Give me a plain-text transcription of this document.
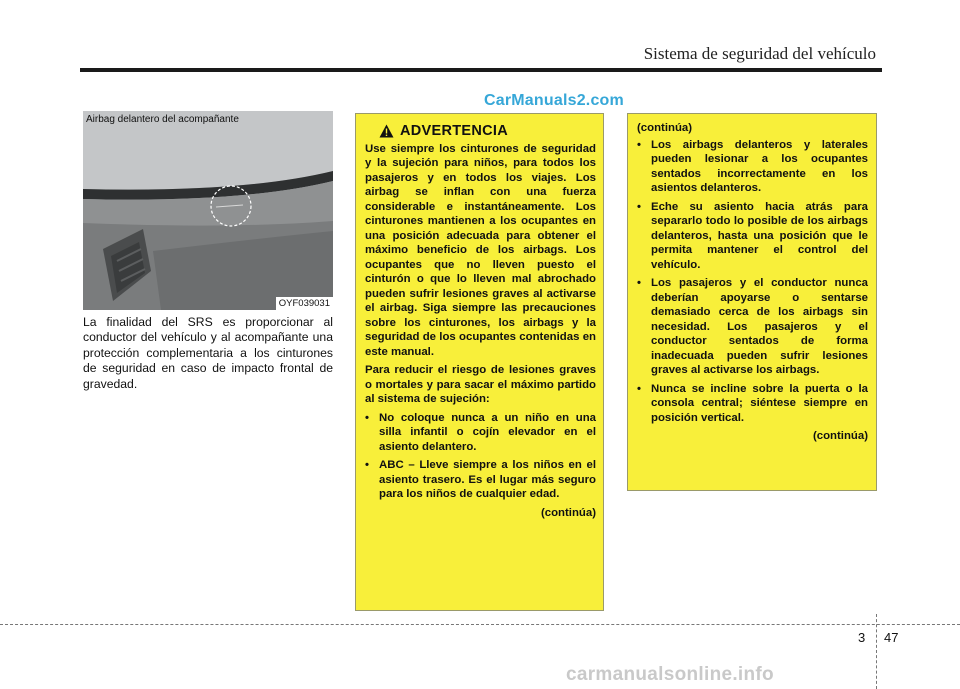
Sistema de seguridad del vehículo
CarManuals2.com
Airbag delantero del acompañante
OYF039031
La finalidad del SRS es proporcionar al conductor del vehículo y al acompañante una protección complementaria a los cinturones de seguridad en caso de impacto frontal de gravedad.
ADVERTENCIA
Use siempre los cinturones de seguridad y la sujeción para niños, para todos los pasajeros y en todos los viajes. Los airbag se inflan con una fuerza considerable e instantáneamente. Los cinturones mantienen a los ocupantes en una posición adecuada para obtener el máximo beneficio de los airbags. Los ocupantes que no lleven puesto el cinturón o que lo lleven mal abrochado pueden sufrir lesiones graves al activarse el airbag. Siga siempre las precauciones sobre los cinturones, los airbags y la seguridad de los ocupantes contenidas en este manual.
Para reducir el riesgo de lesiones graves o mortales y para sacar el máximo partido al sistema de sujeción:
• No coloque nunca a un niño en una silla infantil o cojín elevador en el asiento delantero.
• ABC – Lleve siempre a los niños en el asiento trasero. Es el lugar más seguro para los niños de cualquier edad.
(continúa)
(continúa)
• Los airbags delanteros y laterales pueden lesionar a los ocupantes sentados incorrectamente en los asientos delanteros.
• Eche su asiento hacia atrás para separarlo todo lo posible de los airbags delanteros, hasta una posición que le permita mantener el control del vehículo.
• Los pasajeros y el conductor nunca deberían apoyarse o sentarse demasiado cerca de los airbags sin necesidad. Los pasajeros y el conductor sentados de forma inadecuada pueden sufrir lesiones graves al activarse los airbags.
• Nunca se incline sobre la puerta o la consola central; siéntese siempre en posición vertical.
(continúa)
3 47
carmanualsonline.info
